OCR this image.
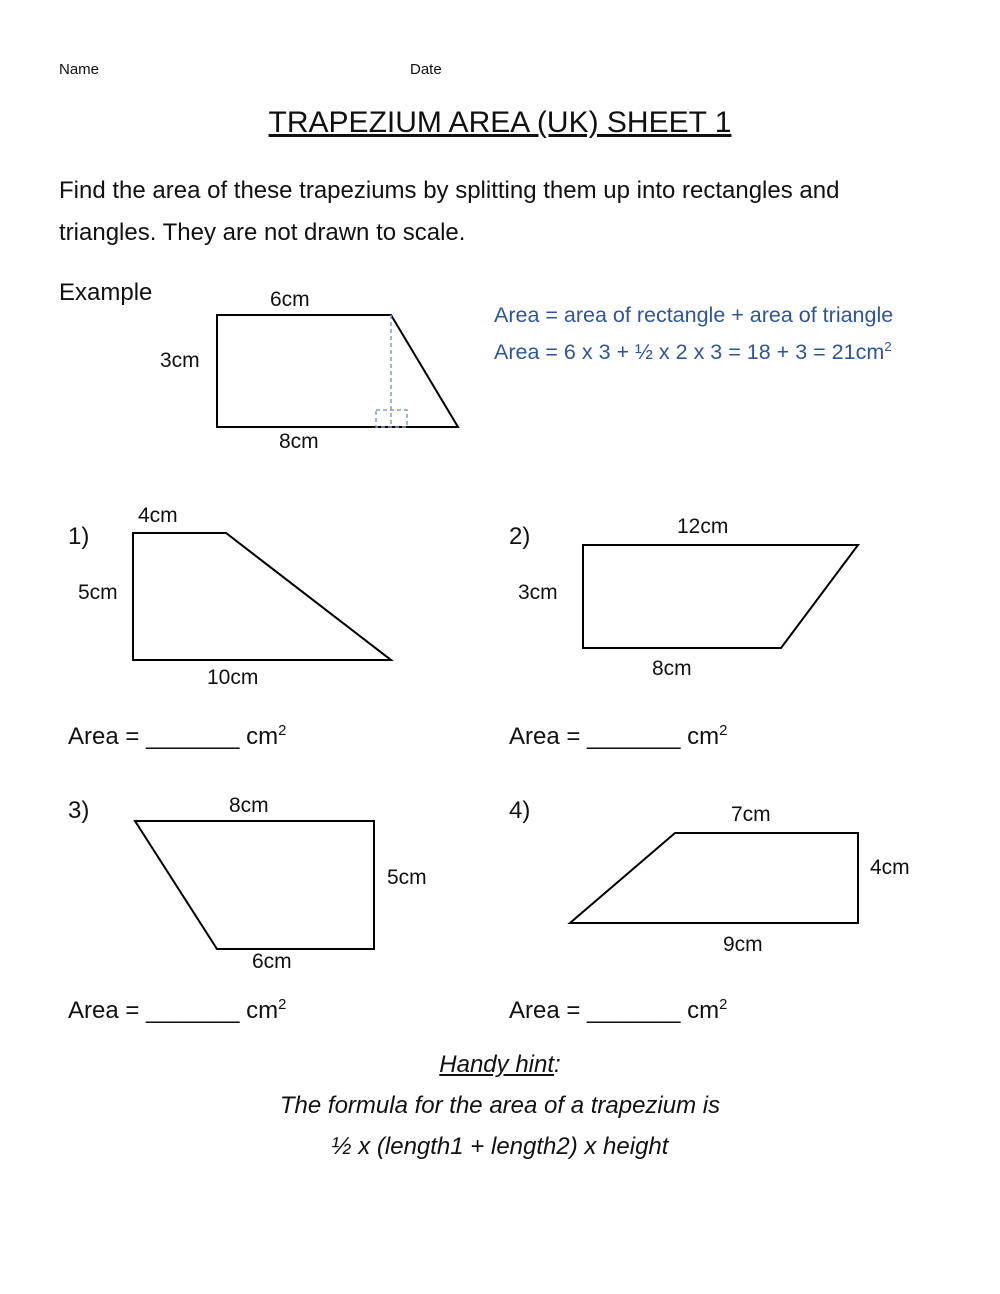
Name	Date
TRAPEZIUM AREA (UK) SHEET 1
Find the area of these trapeziums by splitting them up into rectangles and triangles. They are not drawn to scale.
Example	6cm
3cm
8cm
Area = area of rectangle + area of triangle
Area = 6 x 3 + ½ x 2 x $3 = 18 + 3 = 21cm^2$
1)
4cm
5cm
10cm
2)	12cm
3cm
8cm
Area = _______ $cm^2$	Area = _______ $cm^2$
3)	8cm
5cm
6cm
4)	7cm
4cm
9cm
Area = _______ $cm^2$	Area = _______ $cm^2$
Handy hint:
The formula for the area of a trapezium is
½ x (length1 + length2) x height
